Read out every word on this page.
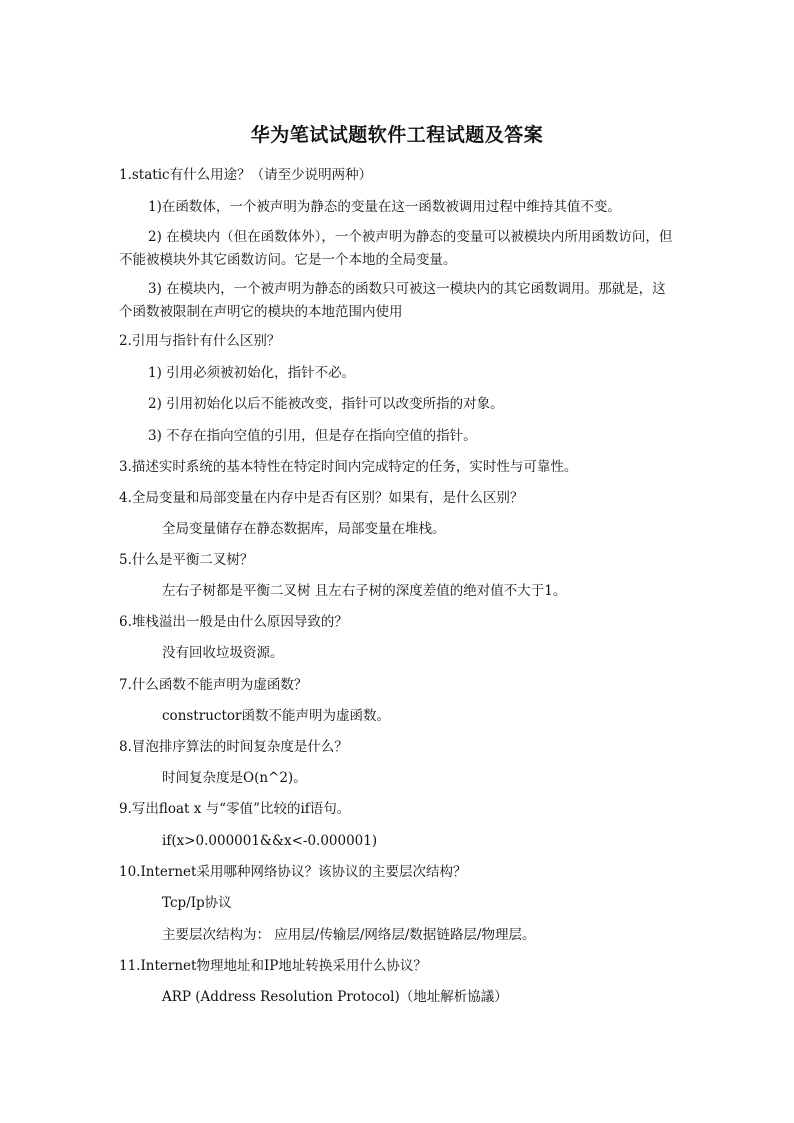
华为笔试试题软件工程试题及答案

1.static有什么用途？（请至少说明两种）

1)在函数体，一个被声明为静态的变量在这一函数被调用过程中维持其值不变。

2) 在模块内（但在函数体外），一个被声明为静态的变量可以被模块内所用函数访问，但不能被模块外其它函数访问。它是一个本地的全局变量。

3) 在模块内，一个被声明为静态的函数只可被这一模块内的其它函数调用。那就是，这个函数被限制在声明它的模块的本地范围内使用

2.引用与指针有什么区别？

1) 引用必须被初始化，指针不必。

2) 引用初始化以后不能被改变，指针可以改变所指的对象。

3) 不存在指向空值的引用，但是存在指向空值的指针。

3.描述实时系统的基本特性在特定时间内完成特定的任务，实时性与可靠性。

4.全局变量和局部变量在内存中是否有区别？如果有，是什么区别？

全局变量储存在静态数据库，局部变量在堆栈。

5.什么是平衡二叉树？

左右子树都是平衡二叉树 且左右子树的深度差值的绝对值不大于1。

6.堆栈溢出一般是由什么原因导致的？

没有回收垃圾资源。

7.什么函数不能声明为虚函数？

constructor函数不能声明为虚函数。

8.冒泡排序算法的时间复杂度是什么？

时间复杂度是O(n^2)。

9.写出float x 与“零值”比较的if语句。

if(x>0.000001&&x<-0.000001)

10.Internet采用哪种网络协议？该协议的主要层次结构？

Tcp/Ip协议

主要层次结构为： 应用层/传输层/网络层/数据链路层/物理层。

11.Internet物理地址和IP地址转换采用什么协议？

ARP (Address Resolution Protocol)（地址解析協議）
